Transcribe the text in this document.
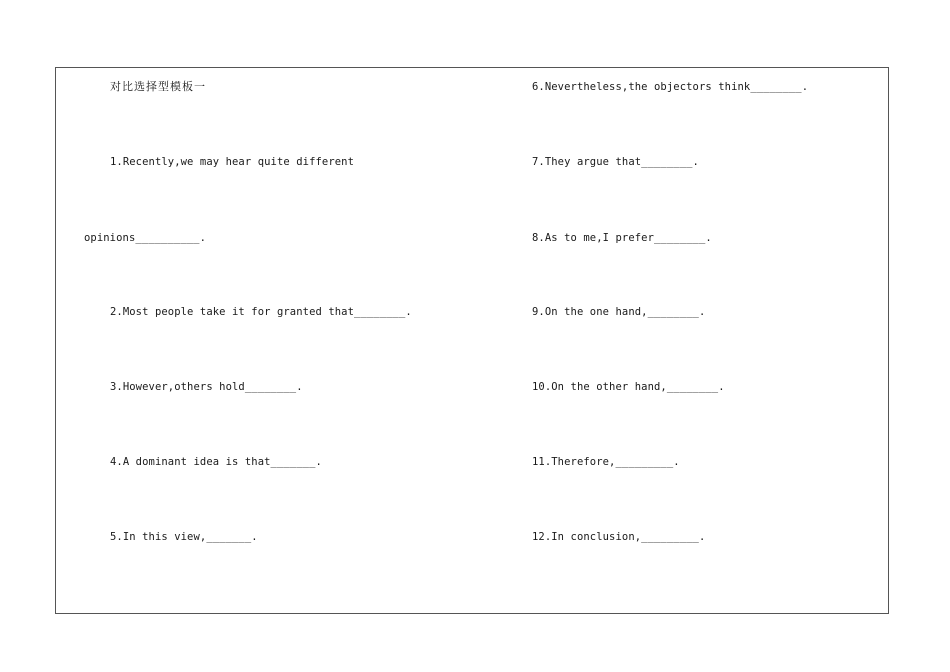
对比选择型模板一
1.Recently,we may hear quite different
opinions__________.
2.Most people take it for granted that________.
3.However,others hold________.
4.A dominant idea is that_______.
5.In this view,_______.
6.Nevertheless,the objectors think________.
7.They argue that________.
8.As to me,I prefer________.
9.On the one hand,________.
10.On the other hand,________.
11.Therefore,_________.
12.In conclusion,_________.
